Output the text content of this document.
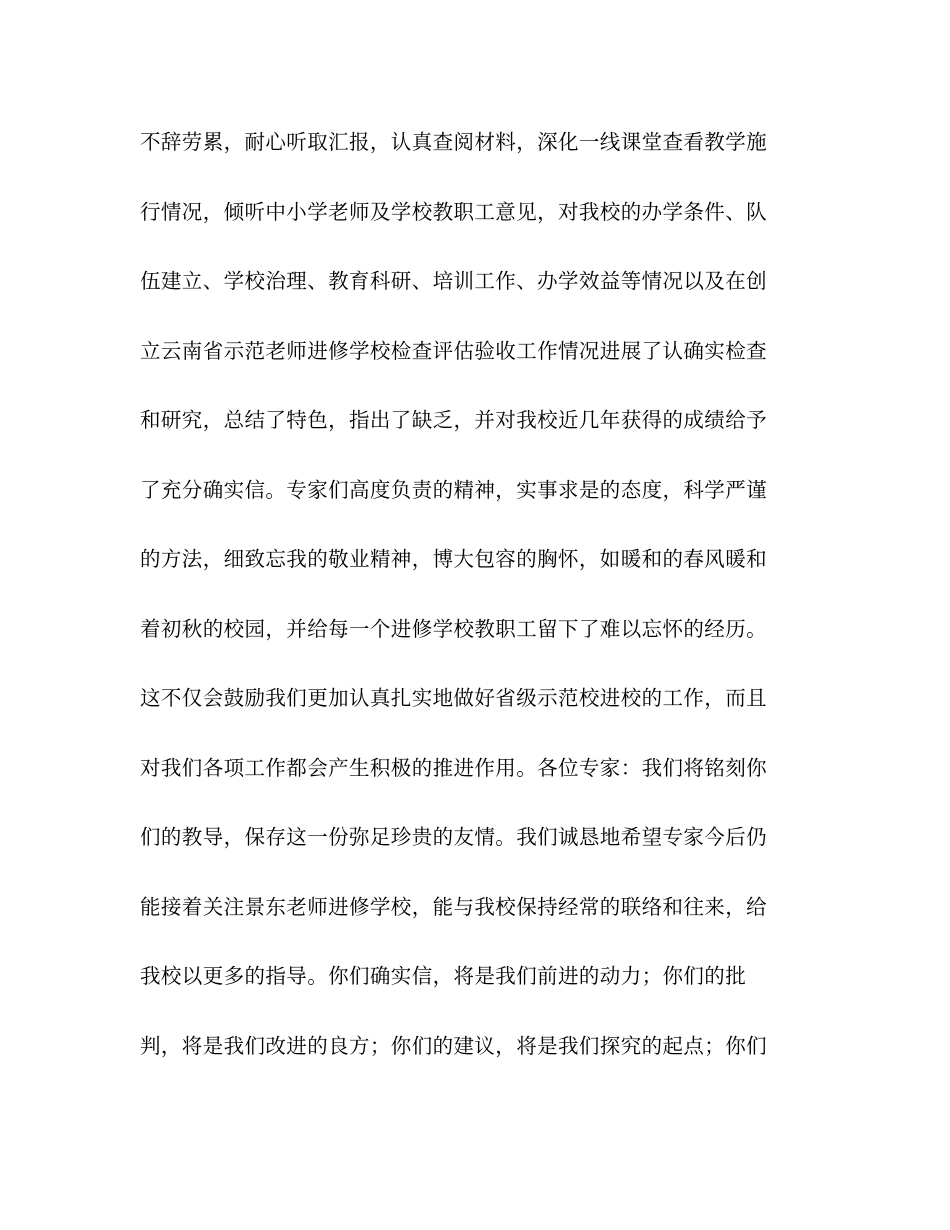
不辞劳累，耐心听取汇报，认真查阅材料，深化一线课堂查看教学施
行情况，倾听中小学老师及学校教职工意见，对我校的办学条件、队
伍建立、学校治理、教育科研、培训工作、办学效益等情况以及在创
立云南省示范老师进修学校检查评估验收工作情况进展了认确实检查
和研究，总结了特色，指出了缺乏，并对我校近几年获得的成绩给予
了充分确实信。专家们高度负责的精神，实事求是的态度，科学严谨
的方法，细致忘我的敬业精神，博大包容的胸怀，如暖和的春风暖和
着初秋的校园，并给每一个进修学校教职工留下了难以忘怀的经历。
这不仅会鼓励我们更加认真扎实地做好省级示范校进校的工作，而且
对我们各项工作都会产生积极的推进作用。各位专家：我们将铭刻你
们的教导，保存这一份弥足珍贵的友情。我们诚恳地希望专家今后仍
能接着关注景东老师进修学校，能与我校保持经常的联络和往来，给
我校以更多的指导。你们确实信，将是我们前进的动力；你们的批
判，将是我们改进的良方；你们的建议，将是我们探究的起点；你们
